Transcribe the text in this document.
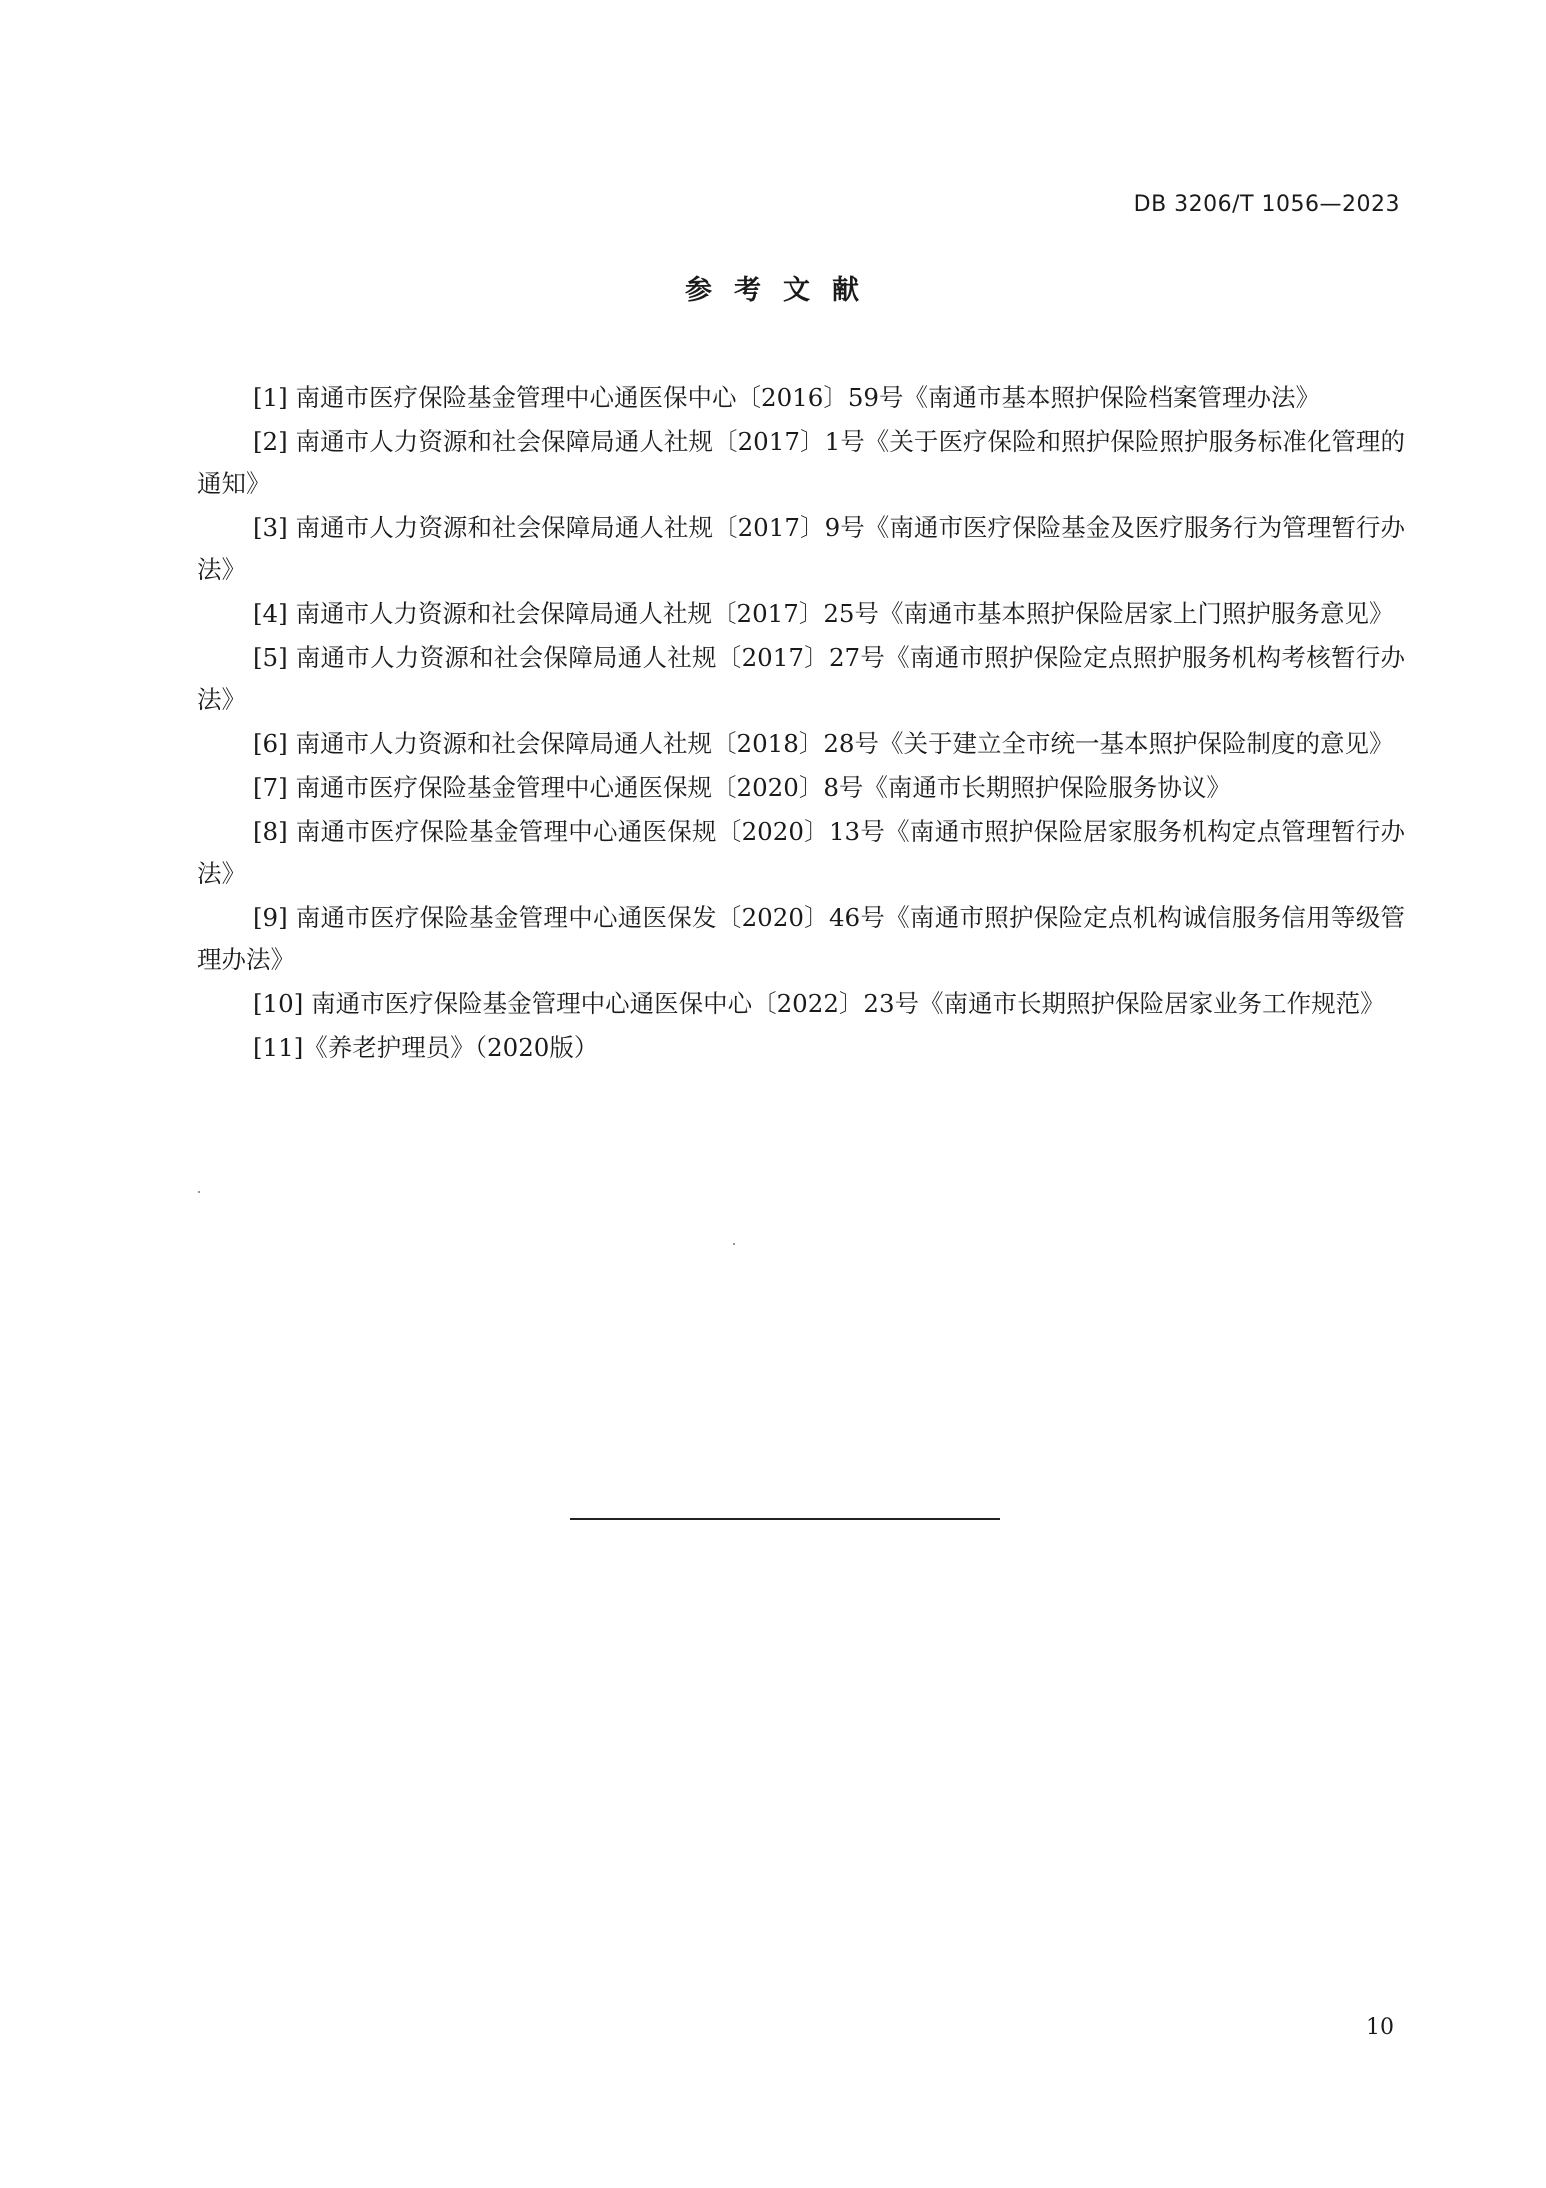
DB 3206/T 1056—2023
参考文献

[1] 南通市医疗保险基金管理中心通医保中心〔2016〕59号《南通市基本照护保险档案管理办法》

[2] 南通市人力资源和社会保障局通人社规〔2017〕1号《关于医疗保险和照护保险照护服务标准化管理的通知》

[3] 南通市人力资源和社会保障局通人社规〔2017〕9号《南通市医疗保险基金及医疗服务行为管理暂行办法》

[4] 南通市人力资源和社会保障局通人社规〔2017〕25号《南通市基本照护保险居家上门照护服务意见》

[5] 南通市人力资源和社会保障局通人社规〔2017〕27号《南通市照护保险定点照护服务机构考核暂行办法》

[6] 南通市人力资源和社会保障局通人社规〔2018〕28号《关于建立全市统一基本照护保险制度的意见》

[7] 南通市医疗保险基金管理中心通医保规〔2020〕8号《南通市长期照护保险服务协议》

[8] 南通市医疗保险基金管理中心通医保规〔2020〕13号《南通市照护保险居家服务机构定点管理暂行办法》

[9] 南通市医疗保险基金管理中心通医保发〔2020〕46号《南通市照护保险定点机构诚信服务信用等级管理办法》

[10] 南通市医疗保险基金管理中心通医保中心〔2022〕23号《南通市长期照护保险居家业务工作规范》

[11]《养老护理员》（2020版）

10
